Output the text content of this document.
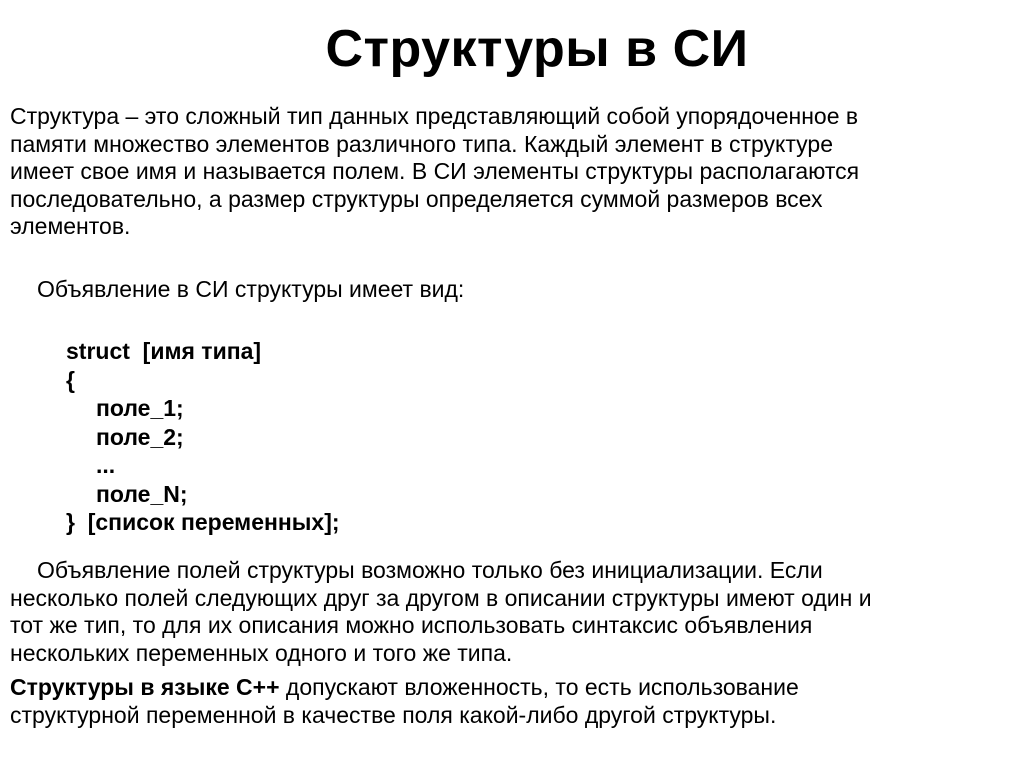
Структуры в СИ
Структура – это сложный тип данных представляющий собой упорядоченное в
памяти множество элементов различного типа. Каждый элемент в структуре
имеет свое имя и называется полем. В СИ элементы структуры располагаются
последовательно, а размер структуры определяется суммой размеров всех
элементов.
Объявление в СИ структуры имеет вид:
struct  [имя типа]
{
поле_1;
поле_2;
...
поле_N;
}  [список переменных];
Объявление полей структуры возможно только без инициализации. Если
несколько полей следующих друг за другом в описании структуры имеют один и
тот же тип, то для их описания можно использовать синтаксис объявления
нескольких переменных одного и того же типа.
Структуры в языке С++ допускают вложенность, то есть использование
структурной переменной в качестве поля какой-либо другой структуры.
